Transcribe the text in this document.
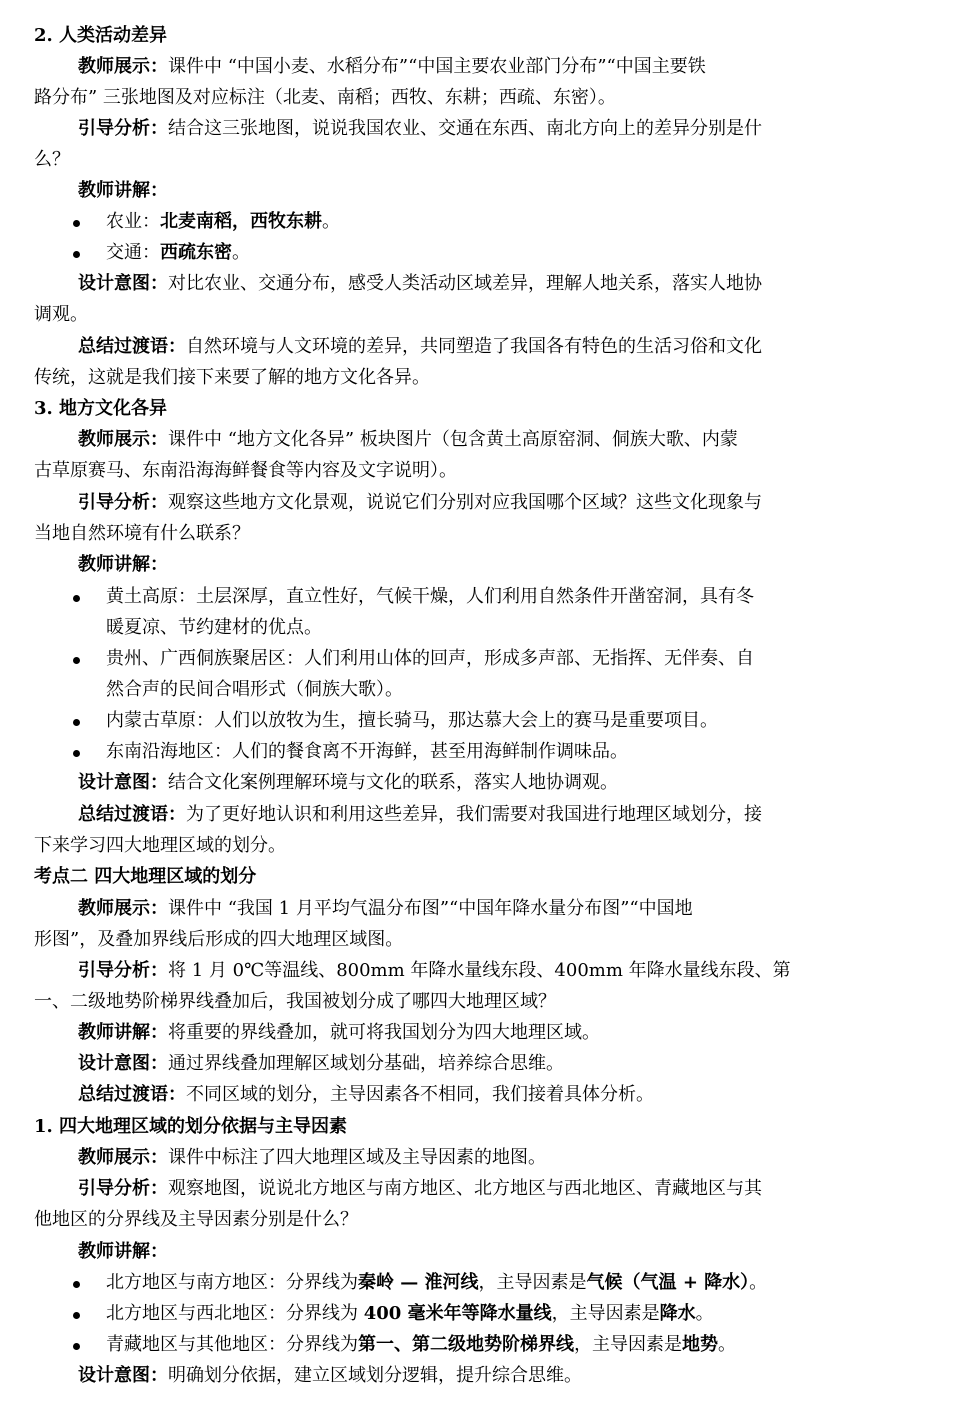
2. 人类活动差异
教师展示：课件中 “中国小麦、水稻分布”“中国主要农业部门分布”“中国主要铁
路分布” 三张地图及对应标注（北麦、南稻；西牧、东耕；西疏、东密）。
引导分析：结合这三张地图，说说我国农业、交通在东西、南北方向上的差异分别是什
么？
教师讲解：
农业：北麦南稻，西牧东耕。
交通：西疏东密。
设计意图：对比农业、交通分布，感受人类活动区域差异，理解人地关系，落实人地协
调观。
总结过渡语：自然环境与人文环境的差异，共同塑造了我国各有特色的生活习俗和文化
传统，这就是我们接下来要了解的地方文化各异。
3. 地方文化各异
教师展示：课件中 “地方文化各异” 板块图片（包含黄土高原窑洞、侗族大歌、内蒙
古草原赛马、东南沿海海鲜餐食等内容及文字说明）。
引导分析：观察这些地方文化景观，说说它们分别对应我国哪个区域？这些文化现象与
当地自然环境有什么联系？
教师讲解：
黄土高原：土层深厚，直立性好，气候干燥，人们利用自然条件开凿窑洞，具有冬
暖夏凉、节约建材的优点。
贵州、广西侗族聚居区：人们利用山体的回声，形成多声部、无指挥、无伴奏、自
然合声的民间合唱形式（侗族大歌）。
内蒙古草原：人们以放牧为生，擅长骑马，那达慕大会上的赛马是重要项目。
东南沿海地区：人们的餐食离不开海鲜，甚至用海鲜制作调味品。
设计意图：结合文化案例理解环境与文化的联系，落实人地协调观。
总结过渡语：为了更好地认识和利用这些差异，我们需要对我国进行地理区域划分，接
下来学习四大地理区域的划分。
考点二 四大地理区域的划分
教师展示：课件中 “我国 1 月平均气温分布图”“中国年降水量分布图”“中国地
形图”，及叠加界线后形成的四大地理区域图。
引导分析：将 1 月 0℃等温线、800mm 年降水量线东段、400mm 年降水量线东段、第
一、二级地势阶梯界线叠加后，我国被划分成了哪四大地理区域？
教师讲解：将重要的界线叠加，就可将我国划分为四大地理区域。
设计意图：通过界线叠加理解区域划分基础，培养综合思维。
总结过渡语：不同区域的划分，主导因素各不相同，我们接着具体分析。
1. 四大地理区域的划分依据与主导因素
教师展示：课件中标注了四大地理区域及主导因素的地图。
引导分析：观察地图，说说北方地区与南方地区、北方地区与西北地区、青藏地区与其
他地区的分界线及主导因素分别是什么？
教师讲解：
北方地区与南方地区：分界线为秦岭 — 淮河线，主导因素是气候（气温 + 降水）。
北方地区与西北地区：分界线为 400 毫米年等降水量线，主导因素是降水。
青藏地区与其他地区：分界线为第一、第二级地势阶梯界线，主导因素是地势。
设计意图：明确划分依据，建立区域划分逻辑，提升综合思维。
